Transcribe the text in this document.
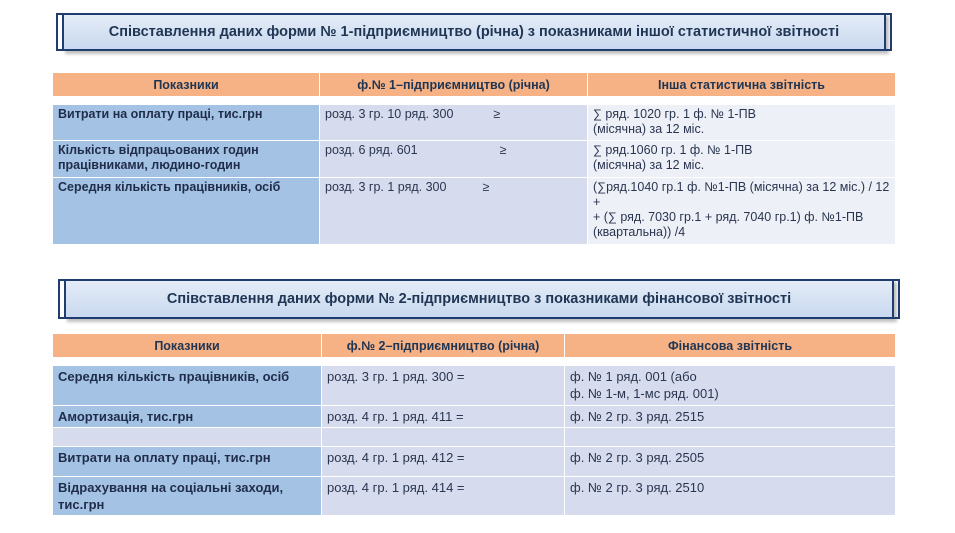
Співставлення даних форми № 1-підприємництво (річна) з показниками іншої статистичної звітності
Показники	ф.№ 1–підприємництво (річна)	Інша статистична звітність

Витрати на оплату праці, тис.грн	розд. 3 гр. 10 ряд. 300 ≥	∑ ряд. 1020 гр. 1 ф. № 1-ПВ
(місячна) за 12 міс.
Кількість відпрацьованих годин працівниками, людино-годин	розд. 6 ряд. 601 ≥	∑ ряд.1060 гр. 1 ф. № 1-ПВ
(місячна) за 12 міс.
Середня кількість працівників, осіб	розд. 3 гр. 1 ряд. 300 ≥	(∑ряд.1040 гр.1 ф. №1-ПВ (місячна) за 12 міс.) / 12 +
+ (∑ ряд. 7030 гр.1 + ряд. 7040 гр.1) ф. №1-ПВ (квартальна)) /4
Співставлення даних форми № 2-підприємництво з показниками фінансової звітності
Показники	ф.№ 2–підприємництво (річна)	Фінансова звітність

Середня кількість працівників, осіб	розд. 3 гр. 1 ряд. 300 =	ф. № 1 ряд. 001 (або
ф. № 1-м, 1-мс ряд. 001)
Амортизація, тис.грн	розд. 4 гр. 1 ряд. 411 =	ф. № 2 гр. 3 ряд. 2515

Витрати на оплату праці, тис.грн	розд. 4 гр. 1 ряд. 412 =	ф. № 2 гр. 3 ряд. 2505
Відрахування на соціальні заходи, тис.грн	розд. 4 гр. 1 ряд. 414 =	ф. № 2 гр. 3 ряд. 2510
